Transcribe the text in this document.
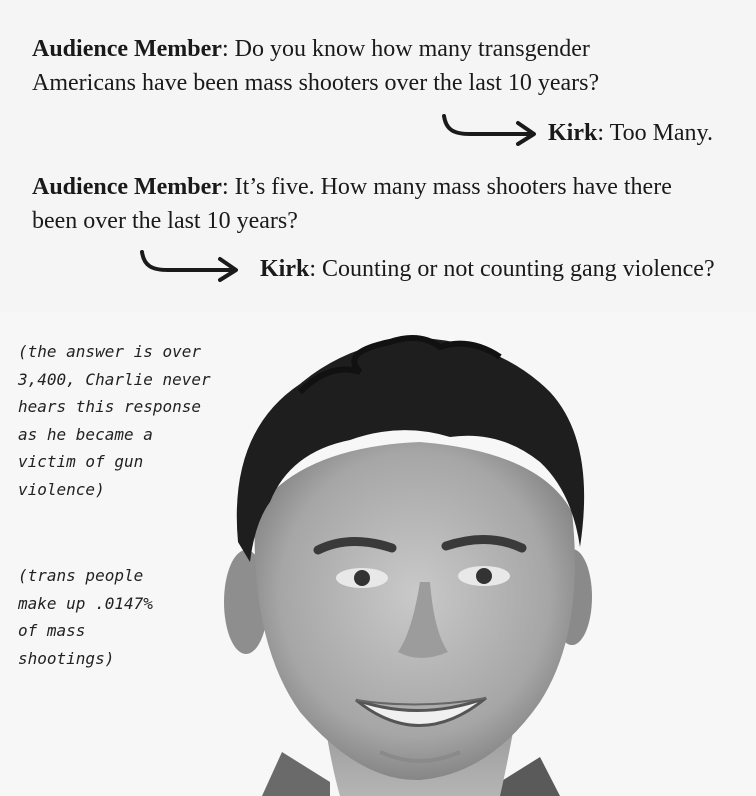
Audience Member: Do you know how many transgender
Americans have been mass shooters over the last 10 years?
Kirk: Too Many.
Audience Member: It’s five. How many mass shooters have there
been over the last 10 years?
Kirk: Counting or not counting gang violence?
(the answer is over
3,400, Charlie never
hears this response
as he became a
victim of gun
violence)
(trans people
make up .0147%
of mass
shootings)
